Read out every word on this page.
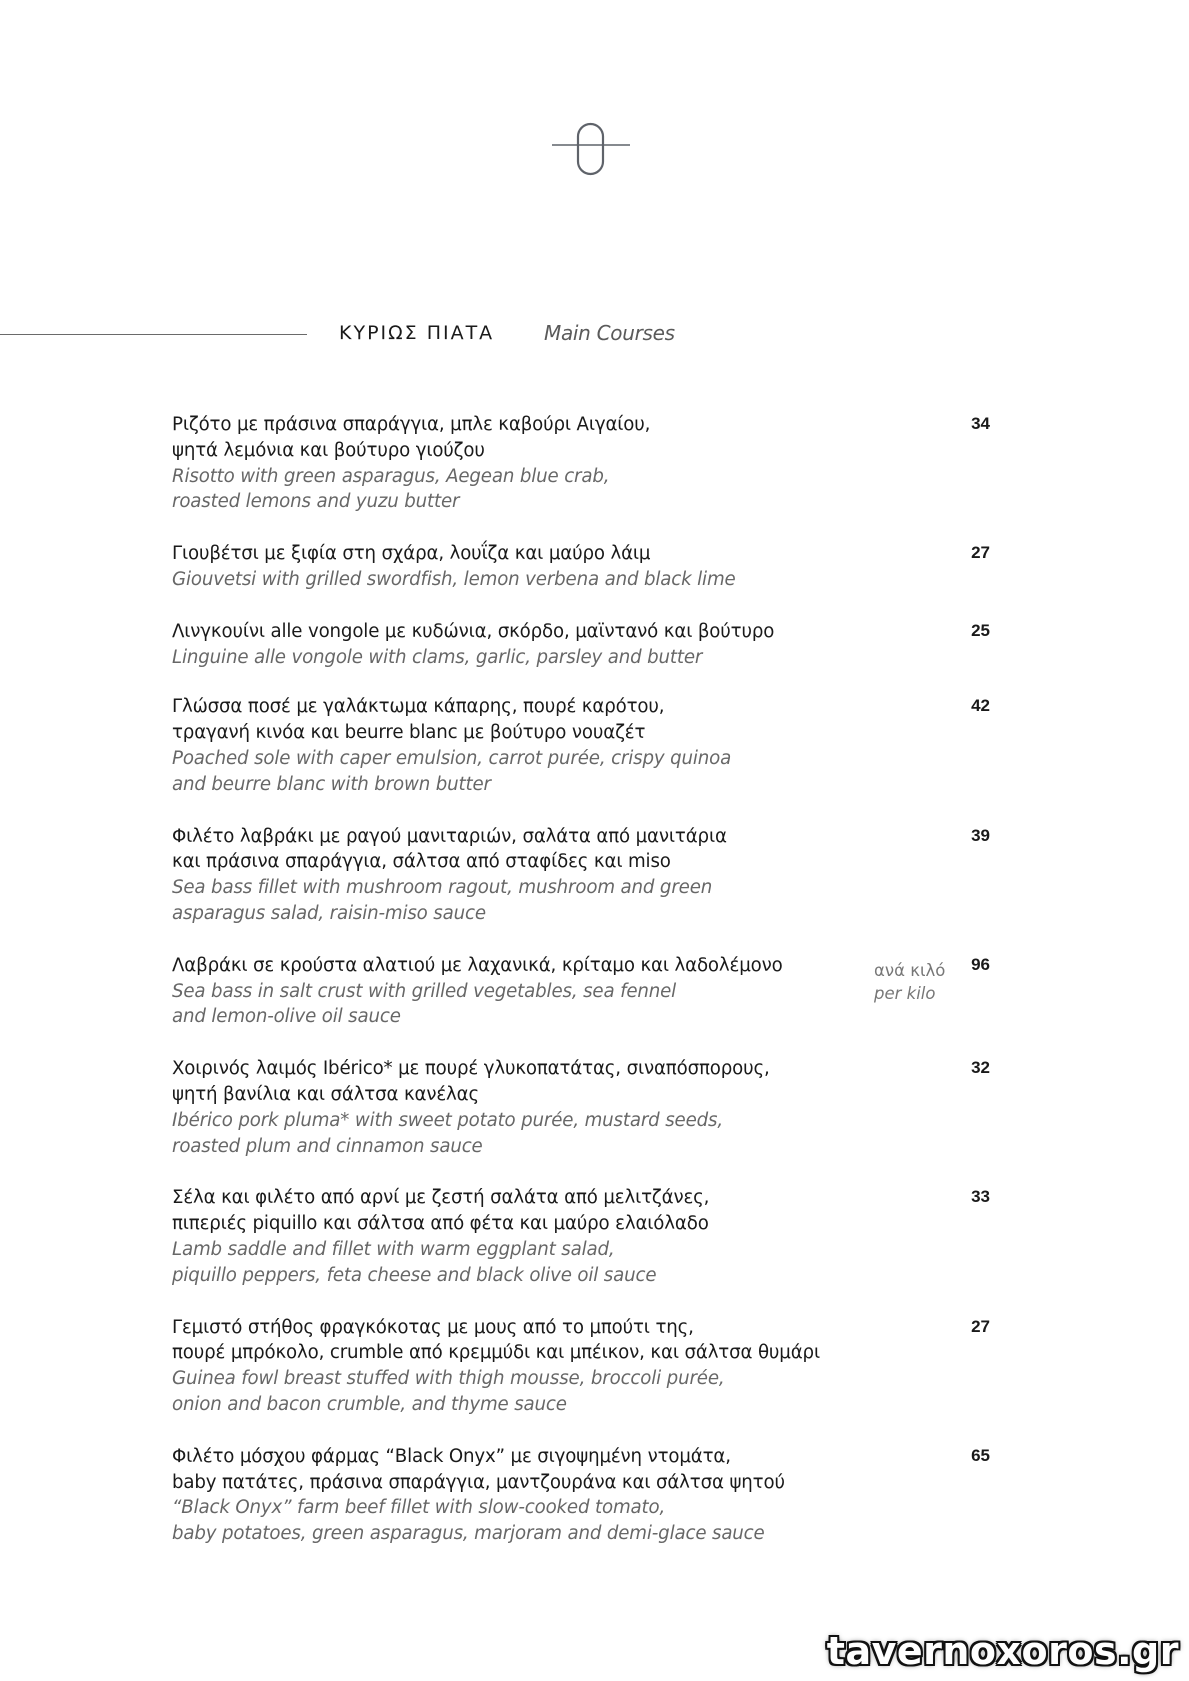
ΚΥΡΙΩΣ ΠΙΑΤΑ Main Courses
Ριζότο με πράσινα σπαράγγια, μπλε καβούρι Αιγαίου,
ψητά λεμόνια και βούτυρο γιούζου
Risotto with green asparagus, Aegean blue crab,
roasted lemons and yuzu butter
34
Γιουβέτσι με ξιφία στη σχάρα, λουΐζα και μαύρο λάιμ
Giouvetsi with grilled swordfish, lemon verbena and black lime
27
Λινγκουίνι alle vongole με κυδώνια, σκόρδο, μαϊντανό και βούτυρο
Linguine alle vongole with clams, garlic, parsley and butter
25
Γλώσσα ποσέ με γαλάκτωμα κάπαρης, πουρέ καρότου,
τραγανή κινόα και beurre blanc με βούτυρο νουαζέτ
Poached sole with caper emulsion, carrot purée, crispy quinoa
and beurre blanc with brown butter
42
Φιλέτο λαβράκι με ραγού μανιταριών, σαλάτα από μανιτάρια
και πράσινα σπαράγγια, σάλτσα από σταφίδες και miso
Sea bass fillet with mushroom ragout, mushroom and green
asparagus salad, raisin-miso sauce
39
Λαβράκι σε κρούστα αλατιού με λαχανικά, κρίταμο και λαδολέμονο
Sea bass in salt crust with grilled vegetables, sea fennel
and lemon-olive oil sauce
ανά κιλό
per kilo
96
Χοιρινός λαιμός Ibérico* με πουρέ γλυκοπατάτας, σιναπόσπορους,
ψητή βανίλια και σάλτσα κανέλας
Ibérico pork pluma* with sweet potato purée, mustard seeds,
roasted plum and cinnamon sauce
32
Σέλα και φιλέτο από αρνί με ζεστή σαλάτα από μελιτζάνες,
πιπεριές piquillo και σάλτσα από φέτα και μαύρο ελαιόλαδο
Lamb saddle and fillet with warm eggplant salad,
piquillo peppers, feta cheese and black olive oil sauce
33
Γεμιστό στήθος φραγκόκοτας με μους από το μπούτι της,
πουρέ μπρόκολο, crumble από κρεμμύδι και μπέικον, και σάλτσα θυμάρι
Guinea fowl breast stuffed with thigh mousse, broccoli purée,
onion and bacon crumble, and thyme sauce
27
Φιλέτο μόσχου φάρμας “Black Onyx” με σιγοψημένη ντομάτα,
baby πατάτες, πράσινα σπαράγγια, μαντζουράνα και σάλτσα ψητού
“Black Onyx” farm beef fillet with slow-cooked tomato,
baby potatoes, green asparagus, marjoram and demi-glace sauce
65
tavernoxoros.gr
